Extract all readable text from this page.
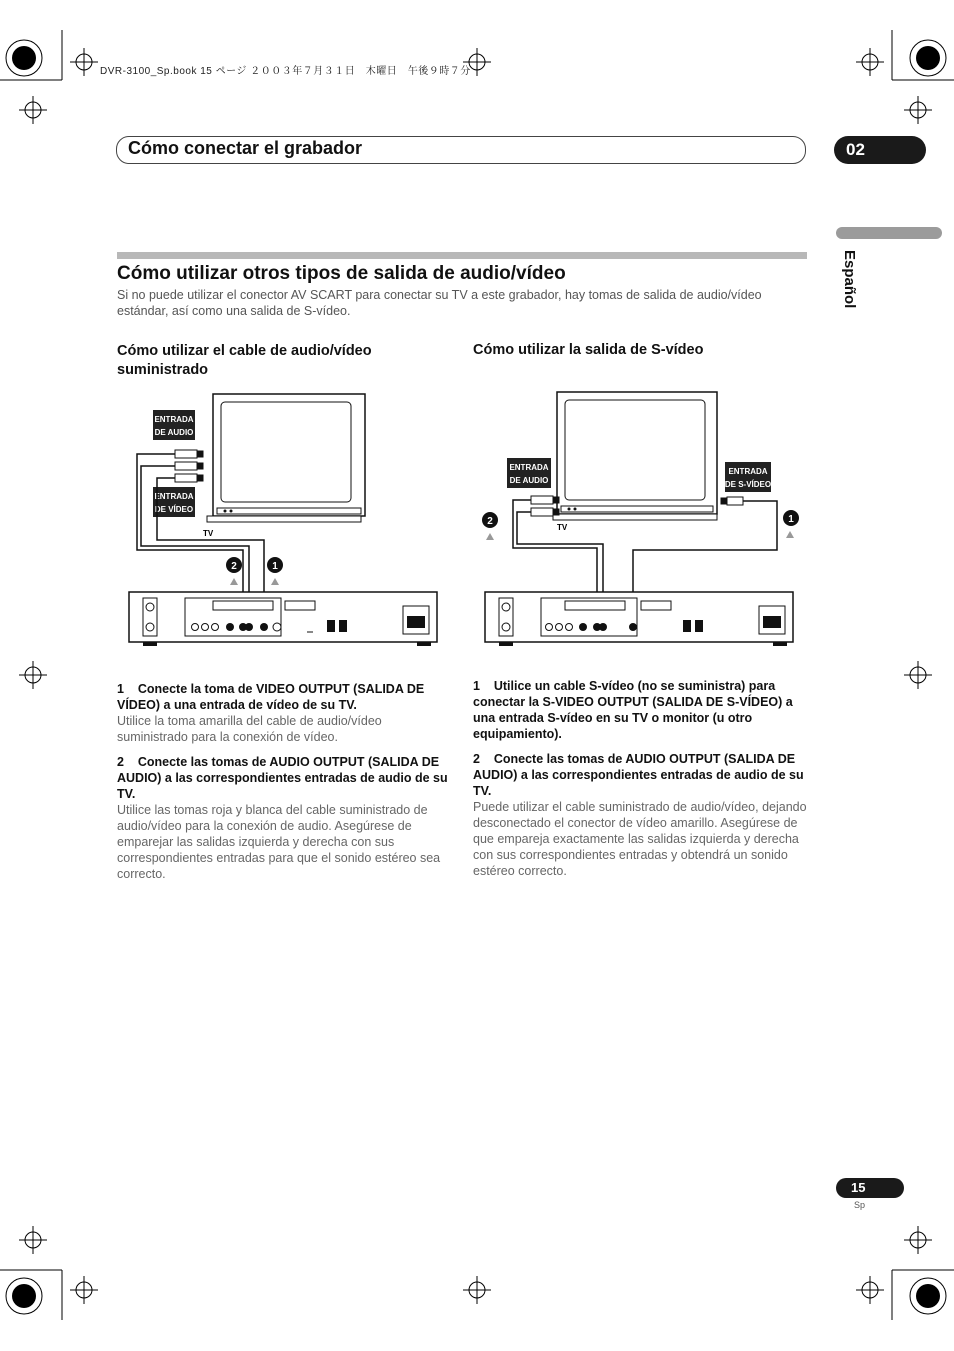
DVR-3100_Sp.book 15 ページ ２００３年７月３１日　木曜日　午後９時７分
Cómo conectar el grabador	02
Español
Cómo utilizar otros tipos de salida de audio/vídeo
Si no puede utilizar el conector AV SCART para conectar su TV a este grabador, hay tomas de salida de audio/vídeo estándar, así como una salida de S-vídeo.
Cómo utilizar el cable de audio/vídeo suministrado
Cómo utilizar la salida de S-vídeo
ENTRADA
DE AUDIO
ENTRADA
DE VÍDEO
TV
2	1
ENTRADA
DE AUDIO
ENTRADA
DE S-VÍDEO
TV
2	1
1 Conecte la toma de VIDEO OUTPUT (SALIDA DE VÍDEO) a una entrada de vídeo de su TV.
Utilice la toma amarilla del cable de audio/vídeo suministrado para la conexión de vídeo.
2 Conecte las tomas de AUDIO OUTPUT (SALIDA DE AUDIO) a las correspondientes entradas de audio de su TV.
Utilice las tomas roja y blanca del cable suministrado de audio/vídeo para la conexión de audio. Asegúrese de emparejar las salidas izquierda y derecha con sus correspondientes entradas para que el sonido estéreo sea correcto.
1 Utilice un cable S-vídeo (no se suministra) para conectar la S-VIDEO OUTPUT (SALIDA DE S-VÍDEO) a una entrada S-vídeo en su TV o monitor (u otro equipamiento).
2 Conecte las tomas de AUDIO OUTPUT (SALIDA DE AUDIO) a las correspondientes entradas de audio de su TV.
Puede utilizar el cable suministrado de audio/vídeo, dejando desconectado el conector de vídeo amarillo. Asegúrese de que empareja exactamente las salidas izquierda y derecha con sus correspondientes entradas y obtendrá un sonido estéreo correcto.
15
Sp
